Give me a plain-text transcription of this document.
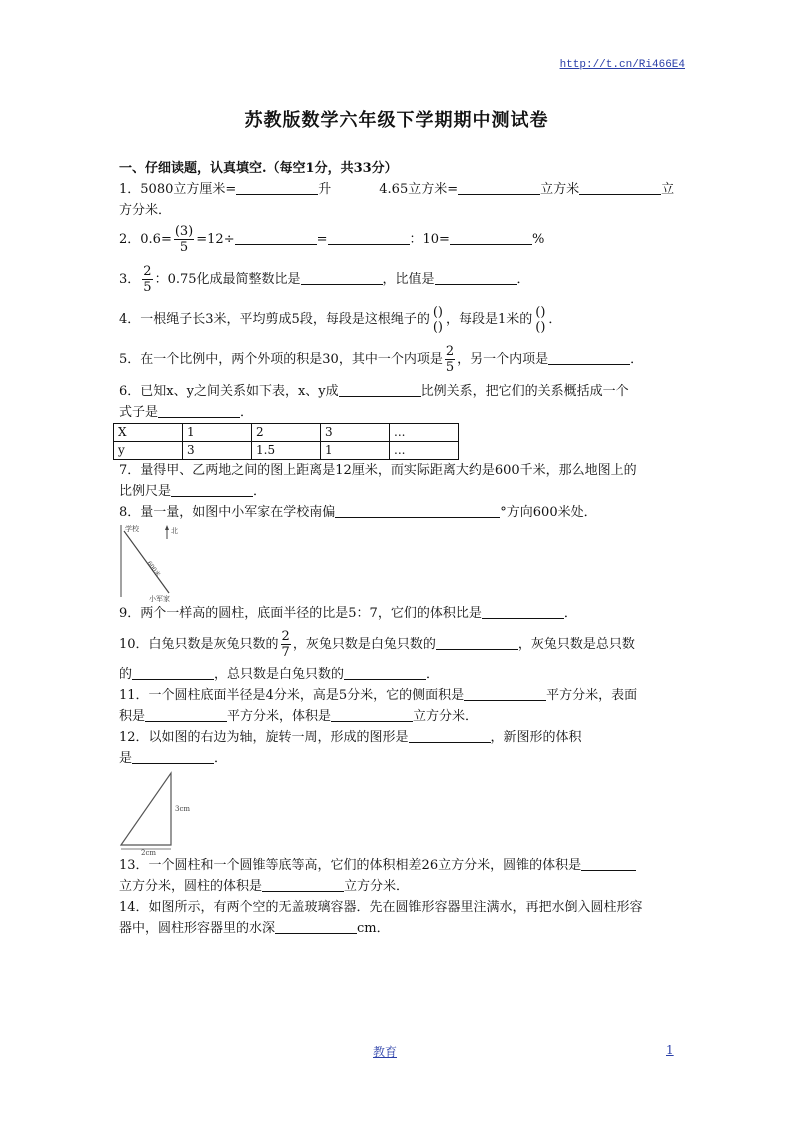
http://t.cn/Ri466E4
苏教版数学六年级下学期期中测试卷
一、仔细读题，认真填空.（每空1分，共33分）
1．5080立方厘米=	升	4.65立方米=	立方米	立
方分米．
2．$0.6= \frac{(3)}{5} =12\div$	=	：10=	%
3． $\frac{2}{5}$ ：0.75化成最简整数比是	，比值是	．
4．一根绳子长3米，平均剪成5段，每段是这根绳子的 ()
() ，每段是1米的 ()
() ．
5．在一个比例中，两个外项的积是30，其中一个内项是 $\frac{2}{5}$ ，另一个内项是	．
6．已知x、y之间关系如下表，x、y成	比例关系，把它们的关系概括成一个
式子是	．
X	1	2	3	...
y	3	1.5	1	...
7．量得甲、乙两地之间的图上距离是12厘米，而实际距离大约是600千米，那么地图上的
比例尺是	．
8．量一量，如图中小军家在学校南偏	°方向600米处．
学校	北
600米
小军家
9．两个一样高的圆柱，底面半径的比是5：7，它们的体积比是	．
10．白兔只数是灰兔只数的 $\frac{2}{7}$ ，灰兔只数是白兔只数的	，灰兔只数是总只数
的	，总只数是白兔只数的	．
11．一个圆柱底面半径是4分米，高是5分米，它的侧面积是	平方分米，表面
积是	平方分米，体积是	立方分米．
12．以如图的右边为轴，旋转一周，形成的图形是	，新图形的体积
是	．
3cm
2cm
13．一个圆柱和一个圆锥等底等高，它们的体积相差26立方分米，圆锥的体积是
立方分米，圆柱的体积是	立方分米．
14．如图所示，有两个空的无盖玻璃容器．先在圆锥形容器里注满水，再把水倒入圆柱形容
器中，圆柱形容器里的水深	cm．
教育	1
